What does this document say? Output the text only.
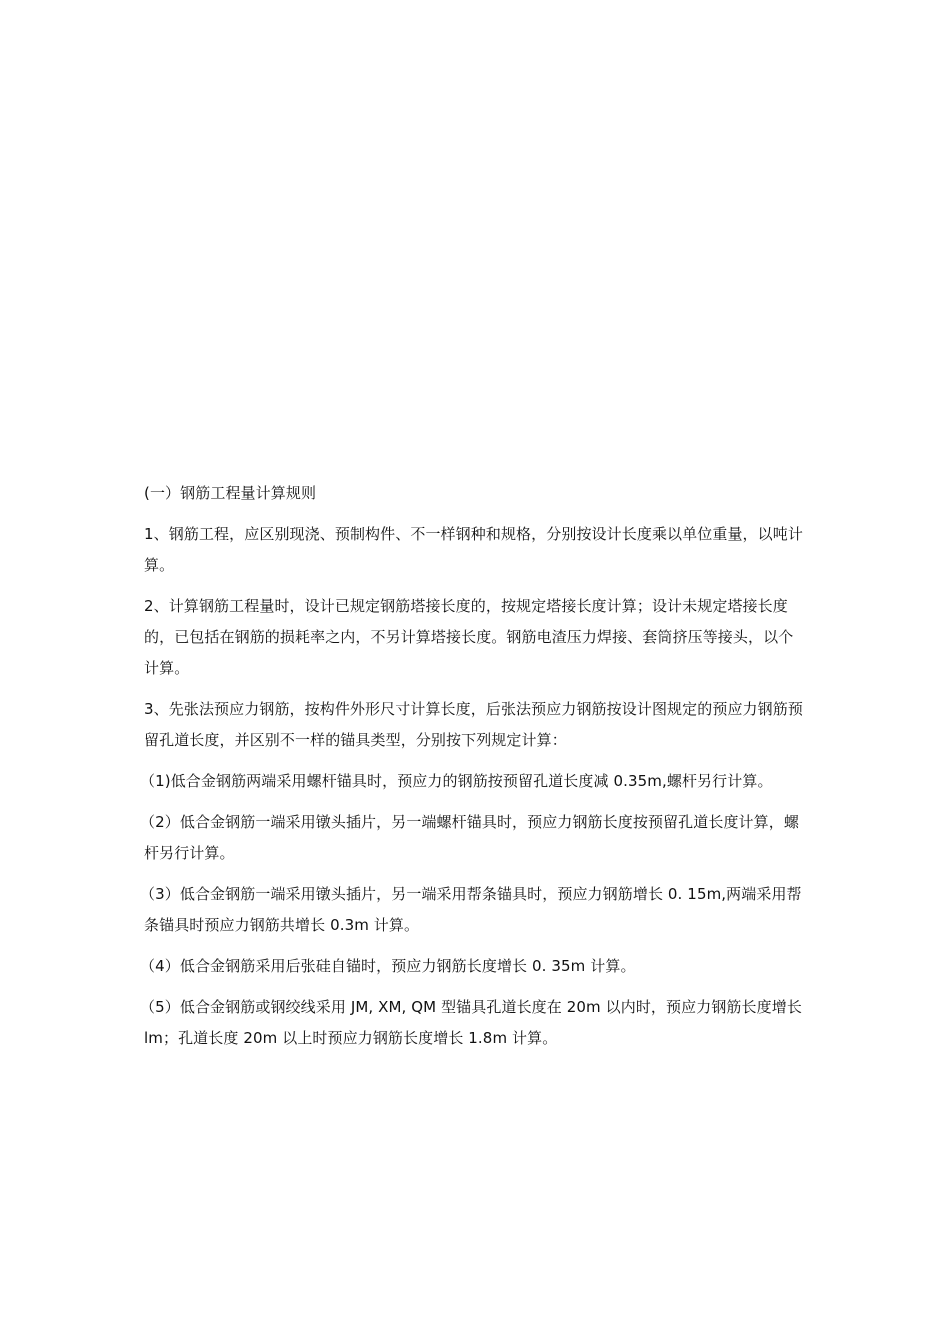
(一）钢筋工程量计算规则

1、钢筋工程，应区别现浇、预制构件、不一样钢种和规格，分别按设计长度乘以单位重量，以吨计算。

2、计算钢筋工程量时，设计已规定钢筋塔接长度的，按规定塔接长度计算；设计未规定塔接长度的，已包括在钢筋的损耗率之内，不另计算塔接长度。钢筋电渣压力焊接、套筒挤压等接头，以个计算。

3、先张法预应力钢筋，按构件外形尺寸计算长度，后张法预应力钢筋按设计图规定的预应力钢筋预留孔道长度，并区别不一样的锚具类型，分别按下列规定计算：

（1)低合金钢筋两端采用螺杆锚具时，预应力的钢筋按预留孔道长度减 0.35m,螺杆另行计算。

（2）低合金钢筋一端采用镦头插片，另一端螺杆锚具时，预应力钢筋长度按预留孔道长度计算，螺杆另行计算。

（3）低合金钢筋一端采用镦头插片，另一端采用帮条锚具时，预应力钢筋增长 0. 15m,两端采用帮条锚具时预应力钢筋共增长 0.3m 计算。

（4）低合金钢筋采用后张硅自锚时，预应力钢筋长度增长 0. 35m 计算。

（5）低合金钢筋或钢绞线采用 JM, XM, QM 型锚具孔道长度在 20m 以内时，预应力钢筋长度增长 lm；孔道长度 20m 以上时预应力钢筋长度增长 1.8m 计算。
